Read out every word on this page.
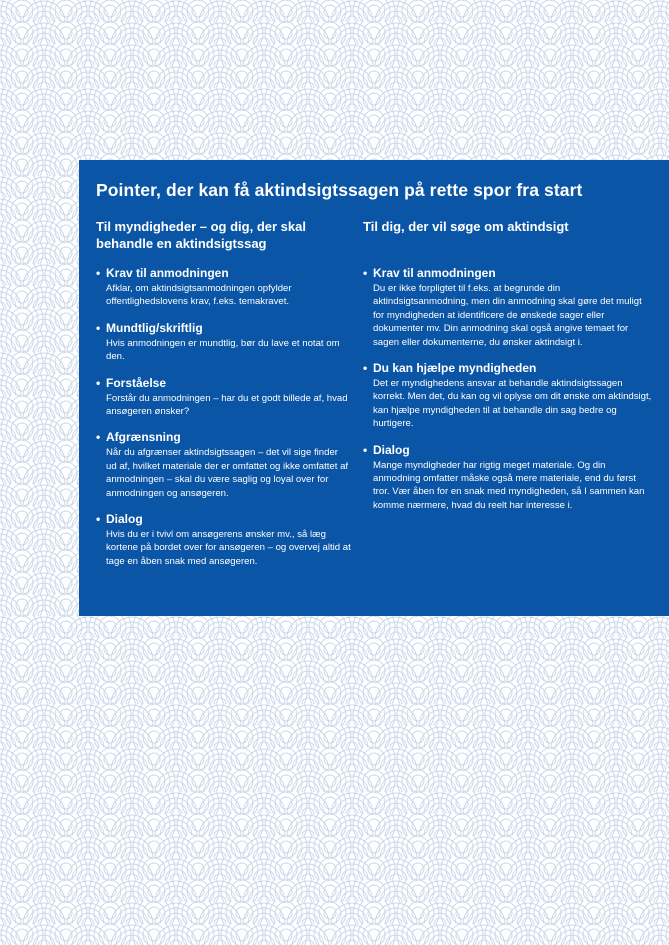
Pointer, der kan få aktindsigtssagen på rette spor fra start
Til myndigheder – og dig, der skal behandle en aktindsigtssag
• Krav til anmodningen
Afklar, om aktindsigtsanmodningen opfylder offentlighedslovens krav, f.eks. temakravet.
• Mundtlig/skriftlig
Hvis anmodningen er mundtlig, bør du lave et notat om den.
• Forståelse
Forstår du anmodningen – har du et godt billede af, hvad ansøgeren ønsker?
• Afgrænsning
Når du afgrænser aktindsigtssagen – det vil sige finder ud af, hvilket materiale der er omfattet og ikke omfattet af anmodningen – skal du være saglig og loyal over for anmodningen og ansøgeren.
• Dialog
Hvis du er i tvivl om ansøgerens ønsker mv., så læg kortene på bordet over for ansøgeren – og overvej altid at tage en åben snak med ansøgeren.
Til dig, der vil søge om aktindsigt
• Krav til anmodningen
Du er ikke forpligtet til f.eks. at begrunde din aktindsigtsanmodning, men din anmodning skal gøre det muligt for myndigheden at identificere de ønskede sager eller dokumenter mv. Din anmodning skal også angive temaet for sagen eller dokumenterne, du ønsker aktindsigt i.
• Du kan hjælpe myndigheden
Det er myndighedens ansvar at behandle aktindsigtssagen korrekt. Men det, du kan og vil oplyse om dit ønske om aktindsigt, kan hjælpe myndigheden til at behandle din sag bedre og hurtigere.
• Dialog
Mange myndigheder har rigtig meget materiale. Og din anmodning omfatter måske også mere materiale, end du først tror. Vær åben for en snak med myndigheden, så I sammen kan komme nærmere, hvad du reelt har interesse i.
